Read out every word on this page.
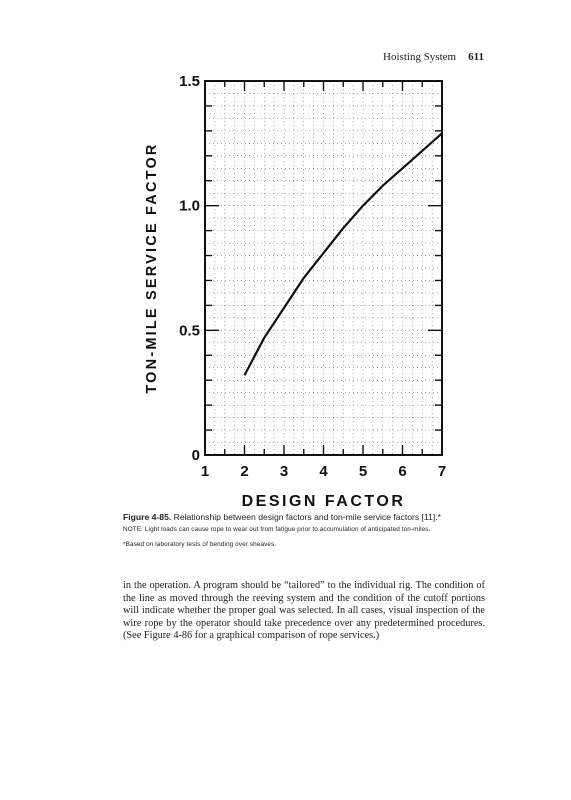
Hoisting System 611
1 2 3 4 5 6 7
0
0.5
1.0
1.5
DESIGN FACTOR
TON-MILE SERVICE FACTOR
Figure 4-85. Relationship between design factors and ton-mile service factors [11].*
NOTE: Light loads can cause rope to wear out from fatigue prior to accumulation of anticipated ton-miles.
*Based on laboratory tests of bending over sheaves.
in the operation. A program should be “tailored” to the individual rig. The condition of the line as moved through the reeving system and the condition of the cutoff portions will indicate whether the proper goal was selected. In all cases, visual inspection of the wire rope by the operator should take precedence over any predetermined procedures. (See Figure 4-86 for a graphical comparison of rope services.)
